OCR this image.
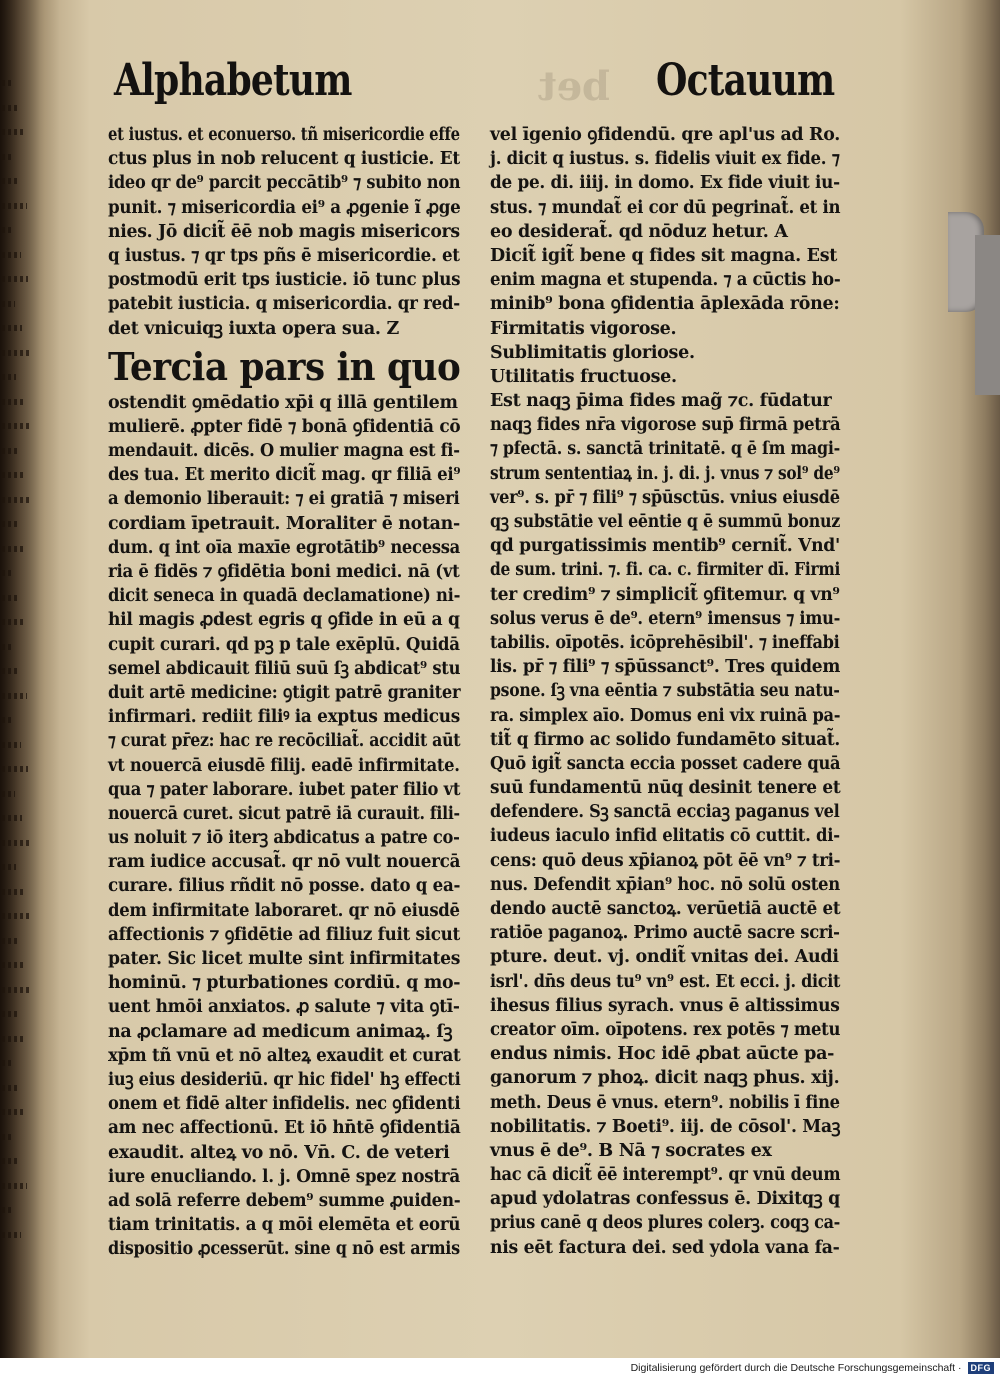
bet
Alphabetum	Octauum
et iustus. et econuerso. tñ misericordie effe
ctus plus in nob relucent q iusticie. Et
ideo qr de⁹ parcit peccātib⁹ ⁊ subito non
punit. ⁊ misericordia ei⁹ a ꝓgenie ĩ ꝓge
nies. Jō dicit̃ ēē nob magis misericors
q iustus. ⁊ qr tps pñs ē misericordie. et
postmodū erit tps iusticie. iō tunc plus
patebit iusticia. q misericordia. qr red-
det vnicuiqꝫ iuxta opera sua. Z
Tercia pars in quo
ostendit ꝯmēdatio xp̄i q illā gentilem
mulierē. ꝓpter fidē ⁊ bonā ꝯfidentiā cō
mendauit. dicēs. O mulier magna est fi-
des tua. Et merito dicit̃ mag. qr filiā ei⁹
a demonio liberauit: ⁊ ei gratiā ⁊ miseri
cordiam īpetrauit. Moraliter ē notan-
dum. q int oīa maxīe egrotātib⁹ necessa
ria ē fidēs ⁊ ꝯfidētia boni medici. nā (vt
dicit seneca in quadā declamatione) ni-
hil magis ꝓdest egris q ꝯfide in eū a q
cupit curari. qd pꝫ p tale exēplū. Quidā
semel abdicauit filiū suū ſꝫ abdicat⁹ stu
duit artē medicine: ꝯtigit patrē graniter
infirmari. rediit filiꝰ ia exptus medicus
⁊ curat pr̄ez: hac re recōciliat̃. accidit aūt
vt nouercā eiusdē filij. eadē infirmitate.
qua ⁊ pater laborare. iubet pater filio vt
nouercā curet. sicut patrē iā curauit. fili-
us noluit ⁊ iō iterꝫ abdicatus a patre co-
ram iudice accusat̃. qr nō vult nouercā
curare. filius rñdit nō posse. dato q ea-
dem infirmitate laboraret. qr nō eiusdē
affectionis ⁊ ꝯfidētie ad filiuz fuit sicut
pater. Sic licet multe sint infirmitates
hominū. ⁊ pturbationes cordiū. q mo-
uent hmōi anxiatos. ꝓ salute ⁊ vita ꝯtī-
na ꝓclamare ad medicum animaꝝ. ſꝫ
xp̄m tñ vnū et nō alteꝝ exaudit et curat
iuꝫ eius desideriū. qr hic fidel' hꝫ effecti
onem et fidē alter infidelis. nec ꝯfidenti
am nec affectionū. Et iō hn̄tē ꝯfidentiā
exaudit. alteꝝ vo nō. Vn̄. C. de veteri
iure enucliando. l. j. Omnē spez nostrā
ad solā referre debem⁹ summe ꝓuiden-
tiam trinitatis. a q mōi elemēta et eorū
dispositio ꝓcesserūt. sine q nō est armis
vel īgenio ꝯfidendū. qre apl'us ad Ro.
j. dicit q iustus. s. fidelis viuit ex fide. ⁊
de pe. di. iiij. in domo. Ex fide viuit iu-
stus. ⁊ mundat̃ ei cor dū pegrinat̃. et in
eo desiderat̃. qd nōduz hetur. A
Dicit̃ igit̃ bene q fides sit magna. Est
enim magna et stupenda. ⁊ a cūctis ho-
minib⁹ bona ꝯfidentia āplexāda rōne:
Firmitatis vigorose.
Sublimitatis gloriose.
Utilitatis fructuose.
Est naqꝫ p̄ima fides mag̃ ⁊c. fūdatur
naqꝫ fides nr̄a vigorose sup̄ firmā petrā
⁊ pfectā. s. sanctā trinitatē. q ē ſm magi-
strum sententiaꝝ in. j. di. j. vnus ⁊ sol⁹ de⁹
ver⁹. s. pr̄ ⁊ fili⁹ ⁊ sp̄ūsctūs. vnius eiusdē
qꝫ substātie vel eēntie q ē summū bonuz
qd purgatissimis mentib⁹ cernit̃. Vnd'
de sum. trini. ⁊. fi. ca. c. firmiter dī. Firmi
ter credim⁹ ⁊ simplicit̃ ꝯfitemur. q vn⁹
solus verus ē de⁹. etern⁹ imensus ⁊ imu-
tabilis. oīpotēs. icōprehēsibil'. ⁊ ineffabi
lis. pr̄ ⁊ fili⁹ ⁊ sp̄ūssanct⁹. Tres quidem
psone. ſꝫ vna eēntia ⁊ substātia seu natu-
ra. simplex aīo. Domus eni vix ruinā pa-
tit̃ q firmo ac solido fundamēto situat̃.
Quō igit̃ sancta eccia posset cadere quā
suū fundamentū nūq desinit tenere et
defendere. Sꝫ sanctā ecciaꝫ paganus vel
iudeus iaculo infid elitatis cō cuttit. di-
cens: quō deus xp̄ianoꝝ pōt ēē vn⁹ ⁊ tri-
nus. Defendit xp̄ian⁹ hoc. nō solū osten
dendo auctē sanctoꝝ. verūetiā auctē et
ratiōe paganoꝝ. Primo auctē sacre scri-
pture. deut. vj. ondit̃ vnitas dei. Audi
isrl'. dn̄s deus tu⁹ vn⁹ est. Et ecci. j. dicit
ihesus filius syrach. vnus ē altissimus
creator oīm. oīpotens. rex potēs ⁊ metu
endus nimis. Hoc idē ꝓbat aūcte pa-
ganorum ⁊ phoꝝ. dicit naqꝫ phus. xij.
meth. Deus ē vnus. etern⁹. nobilis ī fine
nobilitatis. ⁊ Boeti⁹. iij. de cōsol'. Maꝫ
vnus ē de⁹. B Nā ⁊ socrates ex
hac cā dicit̃ ēē interempt⁹. qr vnū deum
apud ydolatras confessus ē. Dixitqꝫ q
prius canē q deos plures colerꝫ. coqꝫ ca-
nis eēt factura dei. sed ydola vana fa-
Digitalisierung gefördert durch die Deutsche Forschungsgemeinschaft ·	DFG
